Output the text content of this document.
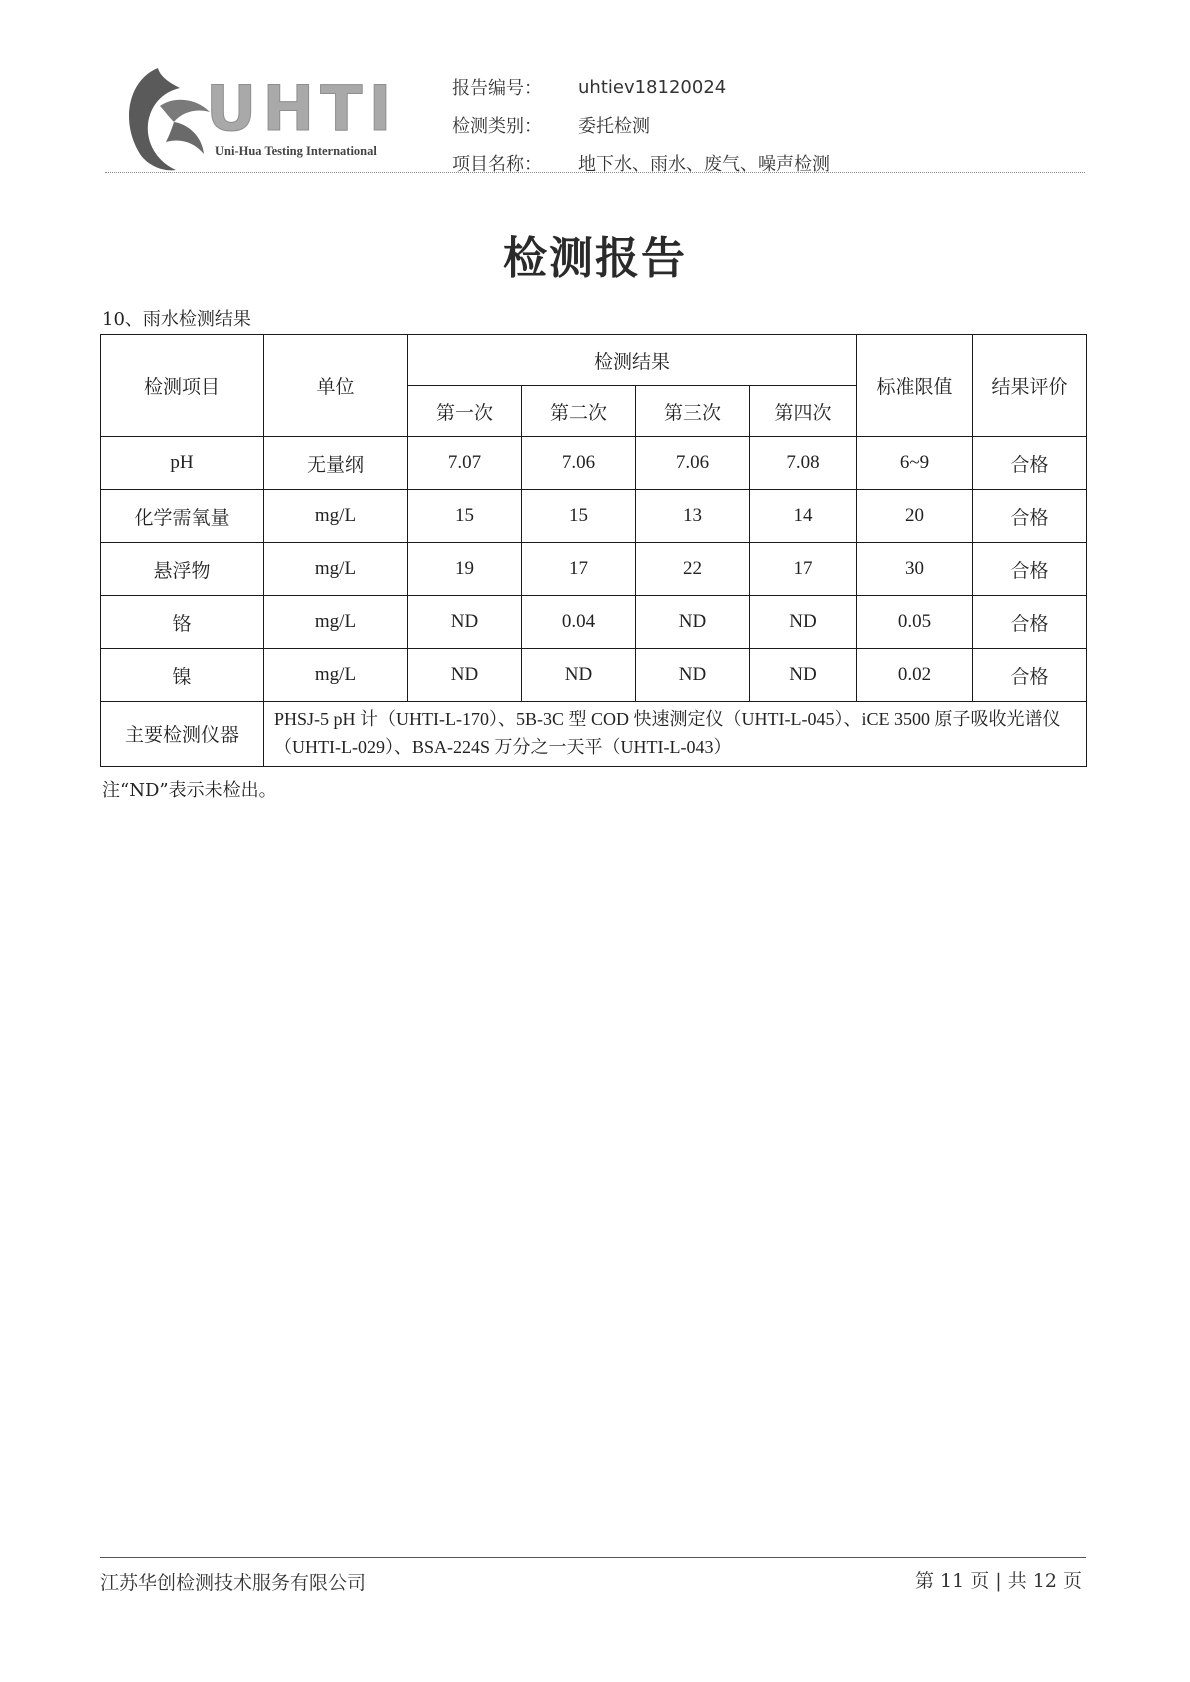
UHTI
Uni-Hua Testing International
报告编号：	uhtiev18120024
检测类别：	委托检测
项目名称：	地下水、雨水、废气、噪声检测
检测报告
10、雨水检测结果
检测项目	单位	检测结果				标准限值	结果评价
		第一次	第二次	第三次	第四次		
pH	无量纲	7.07	7.06	7.06	7.08	6~9	合格
化学需氧量	mg/L	15	15	13	14	20	合格
悬浮物	mg/L	19	17	22	17	30	合格
铬	mg/L	ND	0.04	ND	ND	0.05	合格
镍	mg/L	ND	ND	ND	ND	0.02	合格
主要检测仪器	PHSJ-5 pH 计（UHTI-L-170）、5B-3C 型 COD 快速测定仪（UHTI-L-045）、iCE 3500 原子吸收光谱仪（UHTI-L-029）、BSA-224S 万分之一天平（UHTI-L-043）						
注“ND”表示未检出。
江苏华创检测技术服务有限公司	第 11 页 | 共 12 页
